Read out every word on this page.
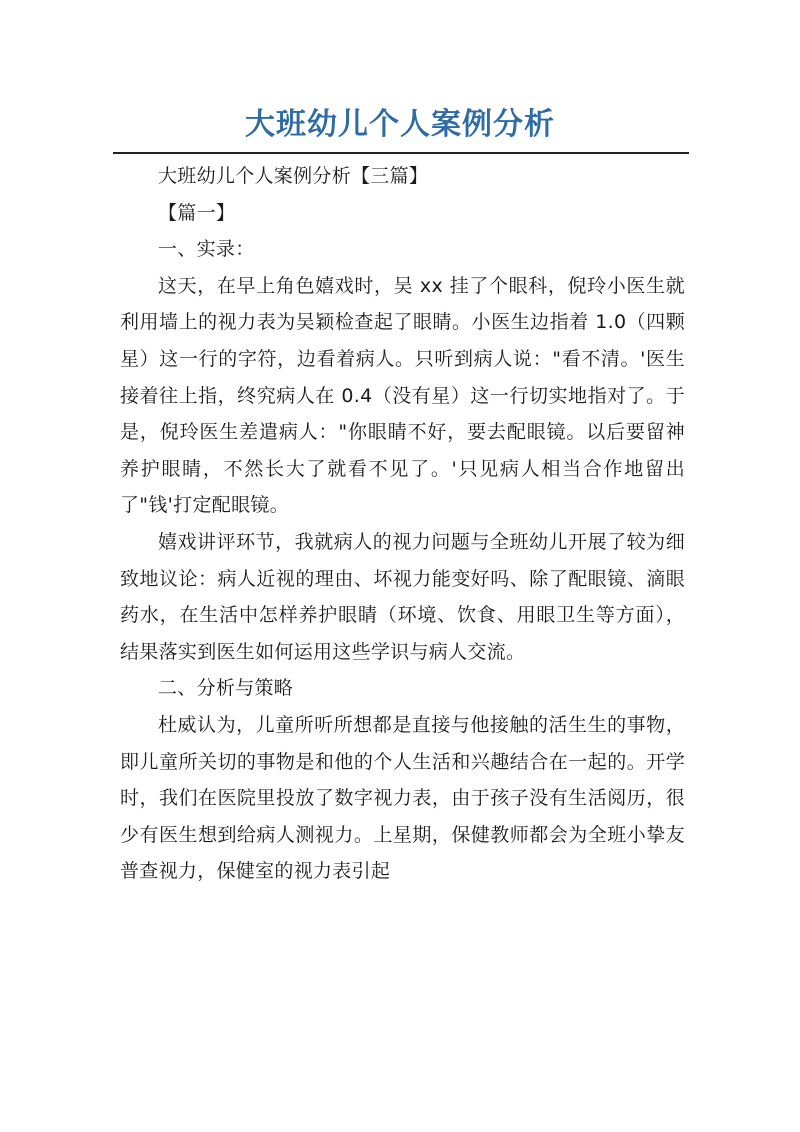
大班幼儿个人案例分析

大班幼儿个人案例分析【三篇】

【篇一】

一、实录：

这天，在早上角色嬉戏时，吴 xx 挂了个眼科，倪玲小医生就利用墙上的视力表为吴颖检查起了眼睛。小医生边指着 1.0（四颗星）这一行的字符，边看着病人。只听到病人说："看不清。'医生接着往上指，终究病人在 0.4（没有星）这一行切实地指对了。于是，倪玲医生差遣病人："你眼睛不好，要去配眼镜。以后要留神养护眼睛，不然长大了就看不见了。'只见病人相当合作地留出了"钱'打定配眼镜。

嬉戏讲评环节，我就病人的视力问题与全班幼儿开展了较为细致地议论：病人近视的理由、坏视力能变好吗、除了配眼镜、滴眼药水，在生活中怎样养护眼睛（环境、饮食、用眼卫生等方面），结果落实到医生如何运用这些学识与病人交流。

二、分析与策略

杜威认为，儿童所听所想都是直接与他接触的活生生的事物，即儿童所关切的事物是和他的个人生活和兴趣结合在一起的。开学时，我们在医院里投放了数字视力表，由于孩子没有生活阅历，很少有医生想到给病人测视力。上星期，保健教师都会为全班小挚友普查视力，保健室的视力表引起
